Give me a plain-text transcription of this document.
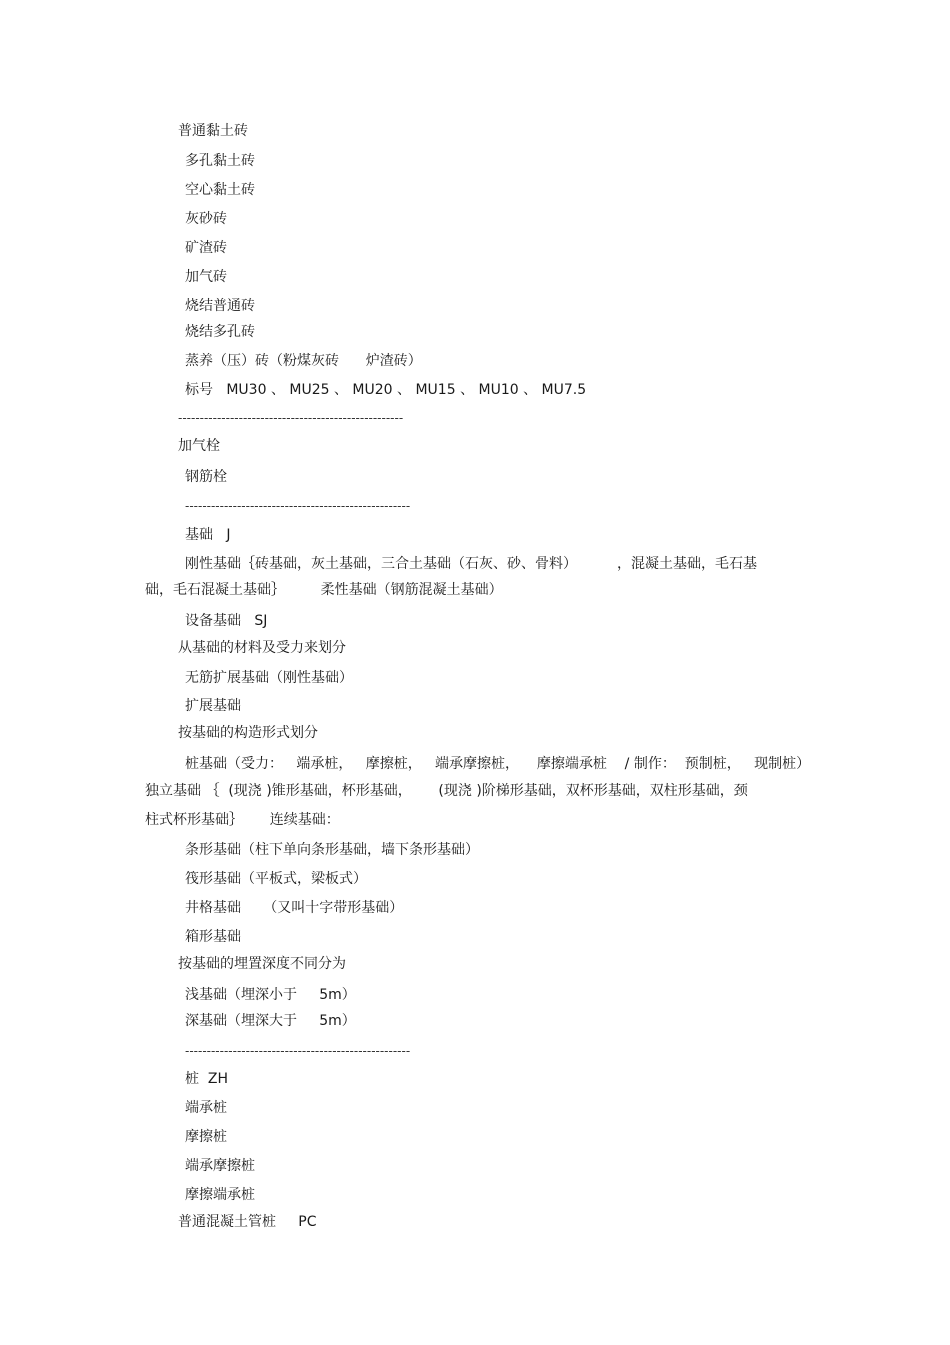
普通黏土砖
多孔黏土砖
空心黏土砖
灰砂砖
矿渣砖
加气砖
烧结普通砖
烧结多孔砖
蒸养（压）砖（粉煤灰砖      炉渣砖）
标号   MU30 、 MU25 、 MU20 、 MU15 、 MU10 、 MU7.5
----------------------------------------------------
加气栓
钢筋栓
----------------------------------------------------
基础   J
刚性基础｛砖基础，灰土基础，三合土基础（石灰、砂、骨料）         ，混凝土基础，毛石基
础，毛石混凝土基础｝        柔性基础（钢筋混凝土基础）
设备基础   SJ
从基础的材料及受力来划分
无筋扩展基础（刚性基础）
扩展基础
按基础的构造形式划分
桩基础（受力：   端承桩，   摩擦桩，   端承摩擦桩，    摩擦端承桩    / 制作：  预制桩，   现制桩）
独立基础 ｛  (现浇 )锥形基础，杯形基础，      (现浇 )阶梯形基础，双杯形基础，双柱形基础，颈
柱式杯形基础｝      连续基础：
条形基础（柱下单向条形基础，墙下条形基础）
筏形基础（平板式，梁板式）
井格基础     （又叫十字带形基础）
箱形基础
按基础的埋置深度不同分为
浅基础（埋深小于     5m）
深基础（埋深大于     5m）
----------------------------------------------------
桩  ZH
端承桩
摩擦桩
端承摩擦桩
摩擦端承桩
普通混凝土管桩     PC
